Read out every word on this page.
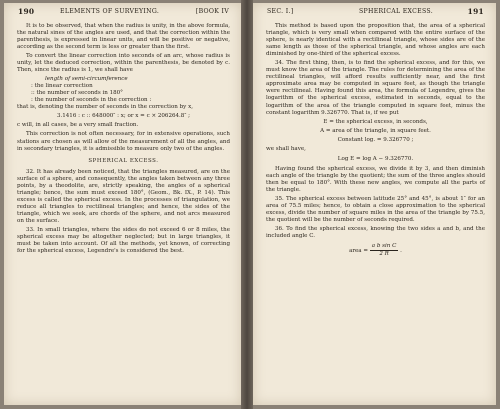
190	ELEMENTS OF SURVEYING.	[BOOK IV

It is to be observed, that when the radius is unity, in the above formula, the natural sines of the angles are used, and that the correction within the parenthesis, is expressed in linear units, and will be positive or negative, according as the second term is less or greater than the first.

To convert the linear correction into seconds of an arc, whose radius is unity, let the deduced correction, within the parenthesis, be denoted by c. Then, since the radius is 1, we shall have

length of semi-circumference
: the linear correction
:: the number of seconds in 180°
: the number of seconds in the correction :

that is, denoting the number of seconds in the correction by x,

3.1416 : c :: 648000″ : x; or x = c × 206264.8″ ;

c will, in all cases, be a very small fraction.

This correction is not often necessary, for in extensive operations, such stations are chosen as will allow of the measurement of all the angles, and in secondary triangles, it is admissible to measure only two of the angles.

SPHERICAL EXCESS.

32. It has already been noticed, that the triangles measured, are on the surface of a sphere, and consequently, the angles taken between any three points, by a theodolite, are, strictly speaking, the angles of a spherical triangle; hence, the sum must exceed 180°, (Geom., Bk. IX., P. 14). This excess is called the spherical excess. In the processes of triangulation, we reduce all triangles to rectilineal triangles; and hence, the sides of the triangle, which we seek, are chords of the sphere, and not arcs measured on the surface.

33. In small triangles, where the sides do not exceed 6 or 8 miles, the spherical excess may be altogether neglected; but in large triangles, it must be taken into account. Of all the methods, yet known, of correcting for the spherical excess, Legendre's is considered the best.

SEC. I.]	SPHERICAL EXCESS.	191

This method is based upon the proposition that, the area of a spherical triangle, which is very small when compared with the entire surface of the sphere, is nearly identical with a rectilineal triangle, whose sides are of the same length as those of the spherical triangle, and whose angles are each diminished by one-third of the spherical excess.

34. The first thing, then, is to find the spherical excess, and for this, we must know the area of the triangle. The rules for determining the area of the rectilineal triangles, will afford results sufficiently near, and the first approximate area may be computed in square feet, as though the triangle were rectilineal. Having found this area, the formula of Legendre, gives the logarithm of the spherical excess, estimated in seconds, equal to the logarithm of the area of the triangle computed in square feet, minus the constant logarithm 9.326770. That is, if we put

E = the spherical excess, in seconds,
A = area of the triangle, in square feet.
Constant log. = 9.326770 ;

we shall have,

Log E = log A − 9.326770.

Having found the spherical excess, we divide it by 3, and then diminish each angle of the triangle by the quotient; the sum of the three angles should then be equal to 180°. With these new angles, we compute all the parts of the triangle.

35. The spherical excess between latitude 25° and 45°, is about 1″ for an area of 75.5 miles; hence, to obtain a close approximation to the spherical excess, divide the number of square miles in the area of the triangle by 75.5, the quotient will be the number of seconds required.

36. To find the spherical excess, knowing the two sides a and b, and the included angle C.

area = $\frac{\text{a b sin C}}{2 R}$ .
